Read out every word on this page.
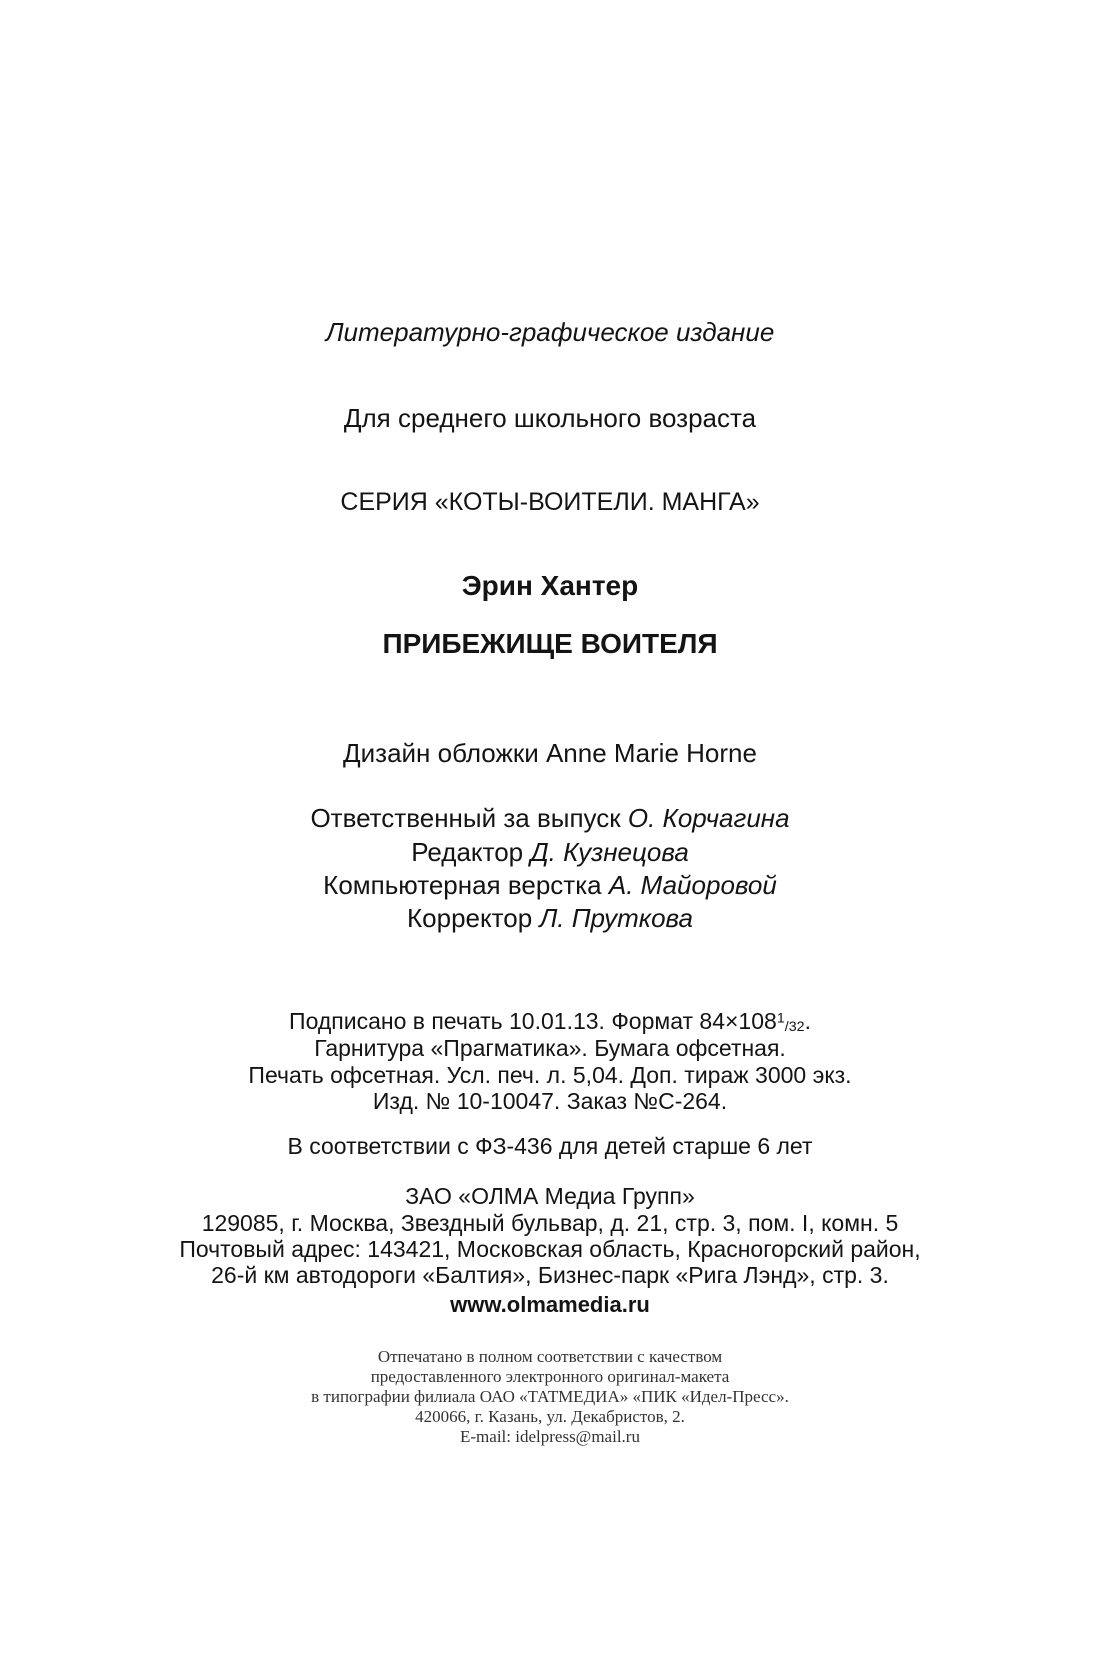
Литературно-графическое издание
Для среднего школьного возраста
СЕРИЯ «КОТЫ-ВОИТЕЛИ. МАНГА»
Эрин Хантер
ПРИБЕЖИЩЕ ВОИТЕЛЯ
Дизайн обложки Anne Marie Horne
Ответственный за выпуск О. Корчагина
Редактор Д. Кузнецова
Компьютерная верстка А. Майоровой
Корректор Л. Пруткова
Подписано в печать 10.01.13. Формат $84\times 108^1/32$.
Гарнитура «Прагматика». Бумага офсетная.
Печать офсетная. Усл. печ. л. 5,04. Доп. тираж 3000 экз.
Изд. № 10-10047. Заказ №С-264.
В соответствии с ФЗ-436 для детей старше 6 лет
ЗАО «ОЛМА Медиа Групп»
129085, г. Москва, Звездный бульвар, д. 21, стр. 3, пом. I, комн. 5
Почтовый адрес: 143421, Московская область, Красногорский район,
26-й км автодороги «Балтия», Бизнес-парк «Рига Лэнд», стр. 3.
www.olmamedia.ru
Отпечатано в полном соответствии с качеством
предоставленного электронного оригинал-макета
в типографии филиала ОАО «ТАТМЕДИА» «ПИК «Идел-Пресс».
420066, г. Казань, ул. Декабристов, 2.
E-mail: idelpress@mail.ru
